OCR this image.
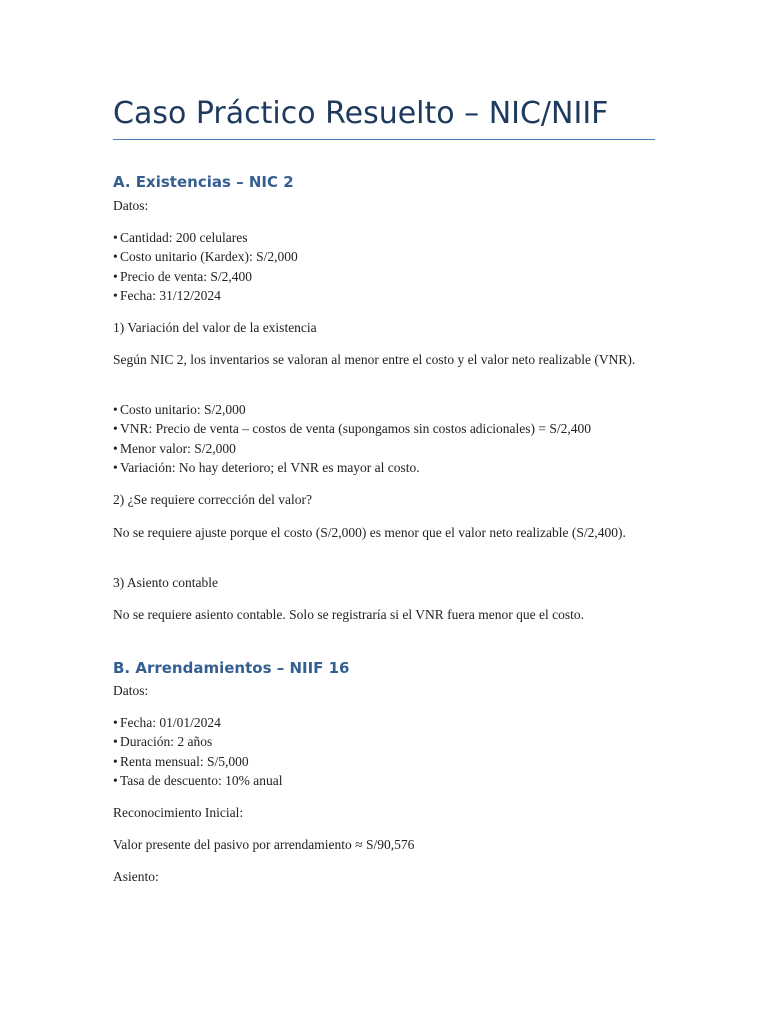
Caso Práctico Resuelto – NIC/NIIF
A. Existencias – NIC 2

Datos:

• Cantidad: 200 celulares
• Costo unitario (Kardex): S/2,000
• Precio de venta: S/2,400
• Fecha: 31/12/2024

1) Variación del valor de la existencia

Según NIC 2, los inventarios se valoran al menor entre el costo y el valor neto realizable (VNR).

• Costo unitario: S/2,000
• VNR: Precio de venta – costos de venta (supongamos sin costos adicionales) = S/2,400
• Menor valor: S/2,000
• Variación: No hay deterioro; el VNR es mayor al costo.

2) ¿Se requiere corrección del valor?

No se requiere ajuste porque el costo (S/2,000) es menor que el valor neto realizable (S/2,400).

3) Asiento contable

No se requiere asiento contable. Solo se registraría si el VNR fuera menor que el costo.

B. Arrendamientos – NIIF 16

Datos:

• Fecha: 01/01/2024
• Duración: 2 años
• Renta mensual: S/5,000
• Tasa de descuento: 10% anual

Reconocimiento Inicial:

Valor presente del pasivo por arrendamiento ≈ S/90,576

Asiento:
